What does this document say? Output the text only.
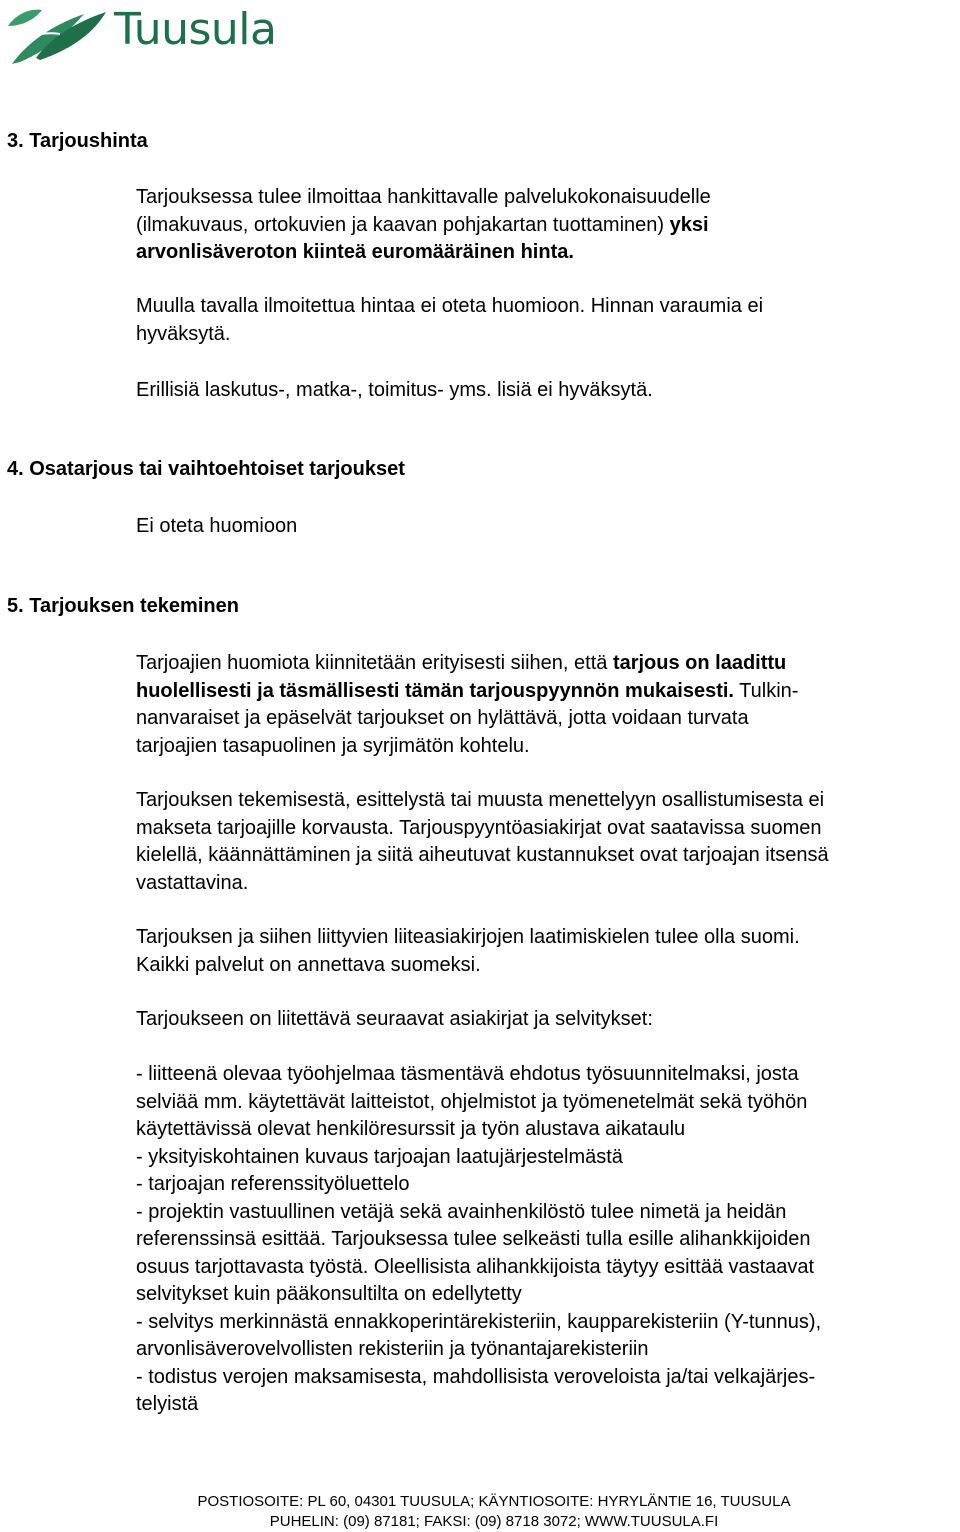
Tuusula
3. Tarjoushinta
Tarjouksessa tulee ilmoittaa hankittavalle palvelukokonaisuudelle
(ilmakuvaus, ortokuvien ja kaavan pohjakartan tuottaminen) yksi
arvonlisäveroton kiinteä euromääräinen hinta.
Muulla tavalla ilmoitettua hintaa ei oteta huomioon. Hinnan varaumia ei
hyväksytä.
Erillisiä laskutus-, matka-, toimitus- yms. lisiä ei hyväksytä.
4. Osatarjous tai vaihtoehtoiset tarjoukset
Ei oteta huomioon
5. Tarjouksen tekeminen
Tarjoajien huomiota kiinnitetään erityisesti siihen, että tarjous on laadittu
huolellisesti ja täsmällisesti tämän tarjouspyynnön mukaisesti. Tulkin-
nanvaraiset ja epäselvät tarjoukset on hylättävä, jotta voidaan turvata
tarjoajien tasapuolinen ja syrjimätön kohtelu.
Tarjouksen tekemisestä, esittelystä tai muusta menettelyyn osallistumisesta ei
makseta tarjoajille korvausta. Tarjouspyyntöasiakirjat ovat saatavissa suomen
kielellä, käännättäminen ja siitä aiheutuvat kustannukset ovat tarjoajan itsensä
vastattavina.
Tarjouksen ja siihen liittyvien liiteasiakirjojen laatimiskielen tulee olla suomi.
Kaikki palvelut on annettava suomeksi.
Tarjoukseen on liitettävä seuraavat asiakirjat ja selvitykset:
- liitteenä olevaa työohjelmaa täsmentävä ehdotus työsuunnitelmaksi, josta
selviää mm. käytettävät laitteistot, ohjelmistot ja työmenetelmät sekä työhön
käytettävissä olevat henkilöresurssit ja työn alustava aikataulu
- yksityiskohtainen kuvaus tarjoajan laatujärjestelmästä
- tarjoajan referenssityöluettelo
- projektin vastuullinen vetäjä sekä avainhenkilöstö tulee nimetä ja heidän
referenssinsä esittää. Tarjouksessa tulee selkeästi tulla esille alihankkijoiden
osuus tarjottavasta työstä. Oleellisista alihankkijoista täytyy esittää vastaavat
selvitykset kuin pääkonsultilta on edellytetty
- selvitys merkinnästä ennakkoperintärekisteriin, kaupparekisteriin (Y-tunnus),
arvonlisäverovelvollisten rekisteriin ja työnantajarekisteriin
- todistus verojen maksamisesta, mahdollisista veroveloista ja/tai velkajärjes-
telyistä
POSTIOSOITE: PL 60, 04301 TUUSULA; KÄYNTIOSOITE: HYRYLÄNTIE 16, TUUSULA
PUHELIN: (09) 87181; FAKSI: (09) 8718 3072; WWW.TUUSULA.FI
